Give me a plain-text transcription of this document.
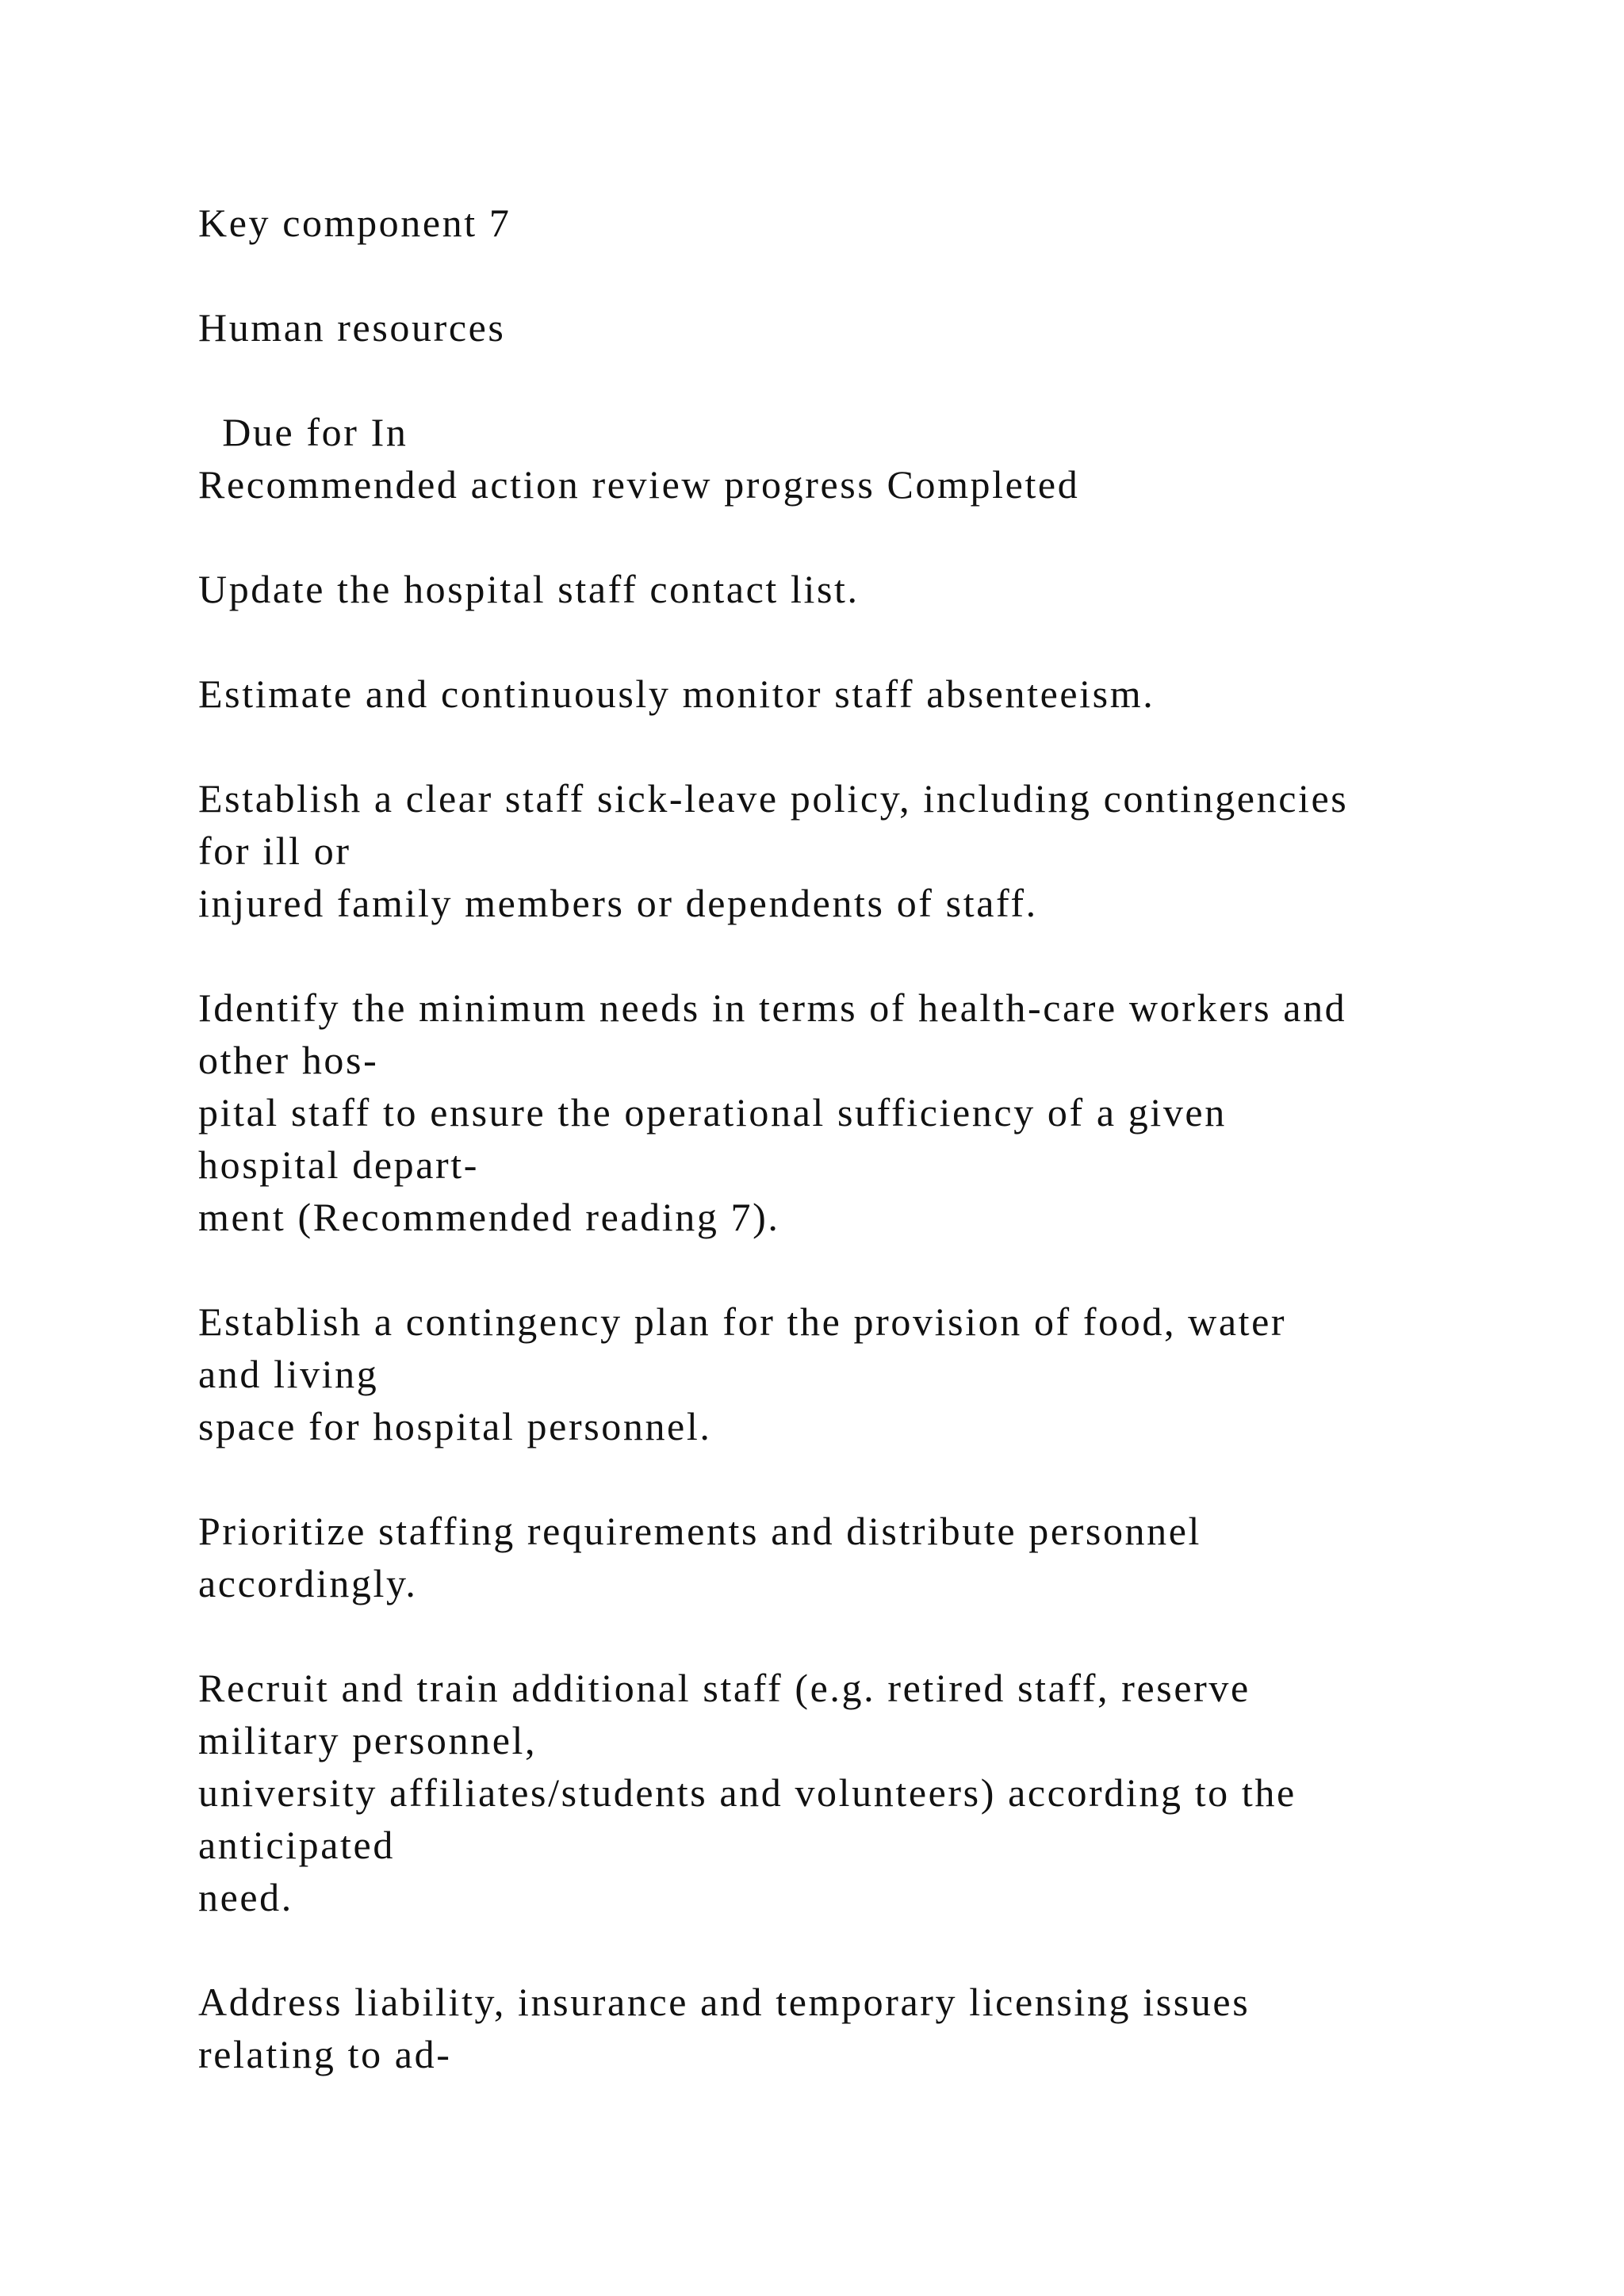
Key component 7
Human resources
Due for In
Recommended action review progress Completed
Update the hospital staff contact list.
Estimate and continuously monitor staff absenteeism.
Establish a clear staff sick-leave policy, including contingencies
for ill or
injured family members or dependents of staff.
Identify the minimum needs in terms of health-care workers and
other hos-
pital staff to ensure the operational sufficiency of a given
hospital depart-
ment (Recommended reading 7).
Establish a contingency plan for the provision of food, water
and living
space for hospital personnel.
Prioritize staffing requirements and distribute personnel
accordingly.
Recruit and train additional staff (e.g. retired staff, reserve
military personnel,
university affiliates/students and volunteers) according to the
anticipated
need.
Address liability, insurance and temporary licensing issues
relating to ad-
